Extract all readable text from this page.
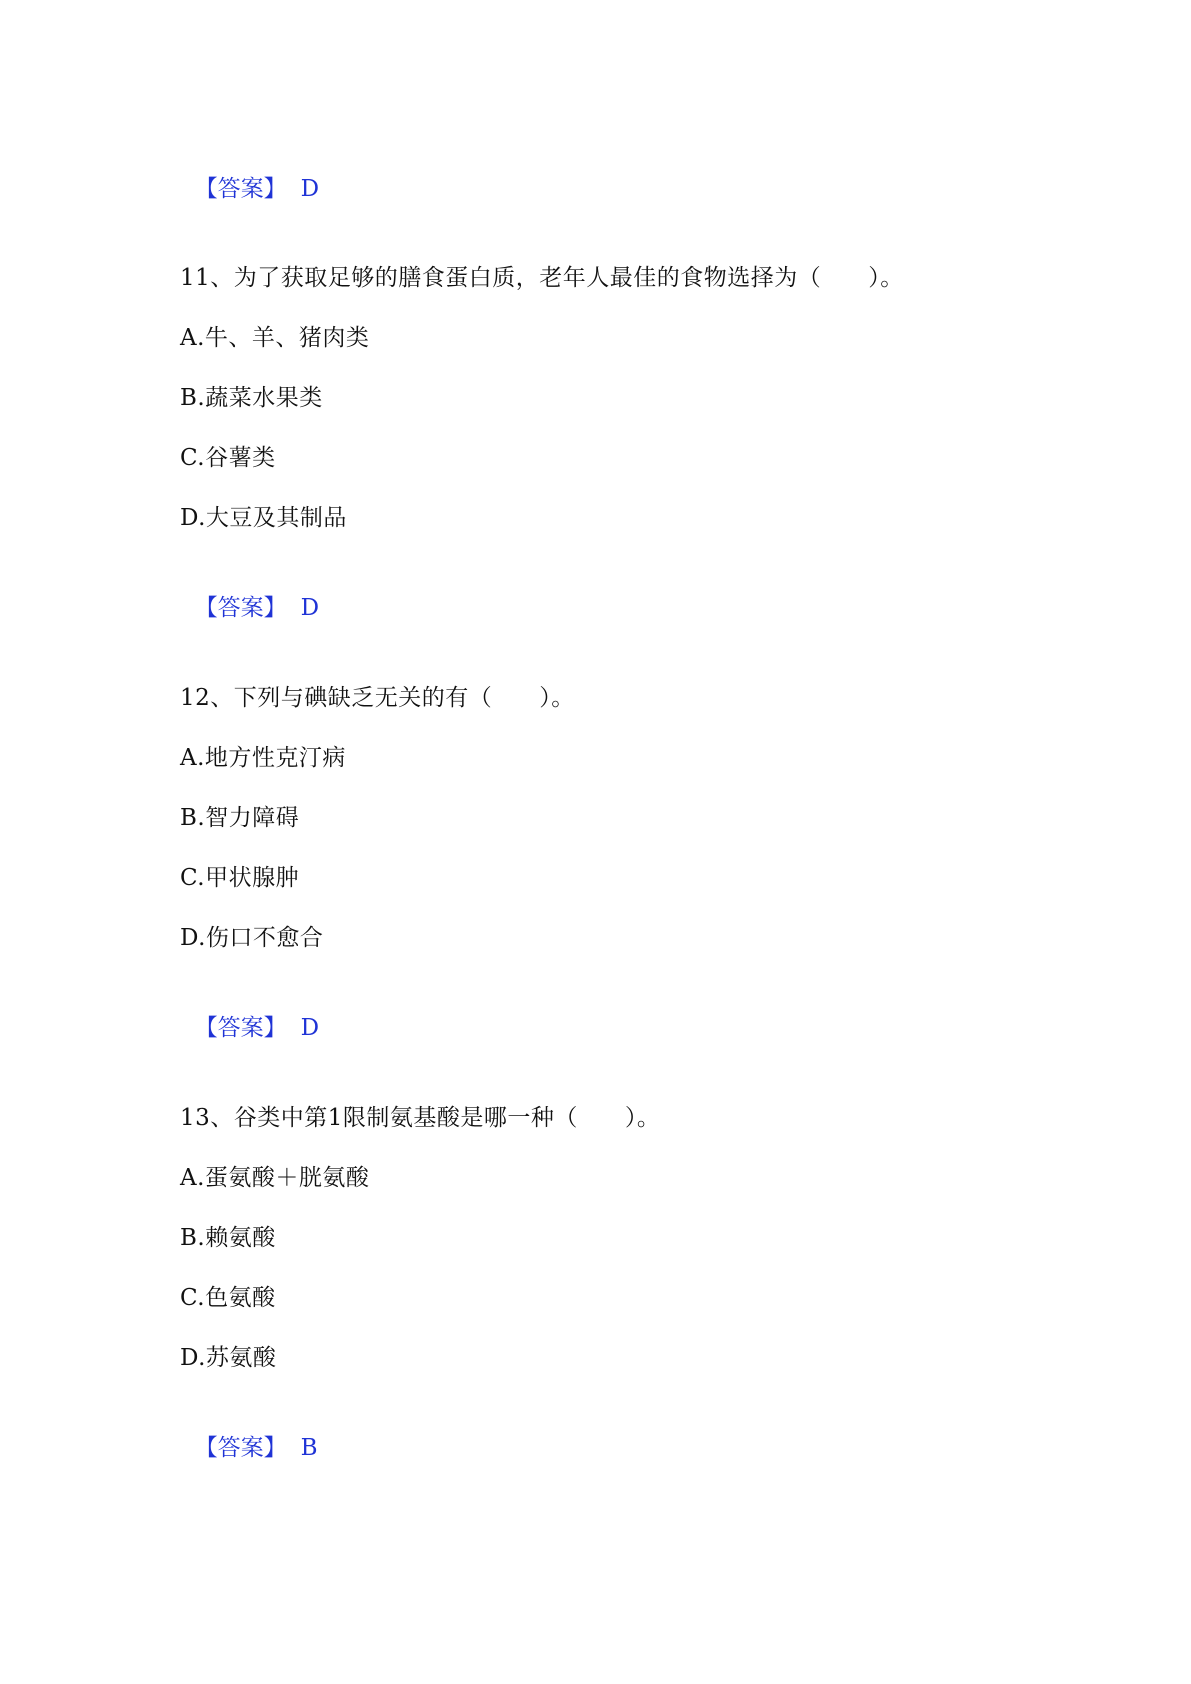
【答案】 D

11、为了获取足够的膳食蛋白质，老年人最佳的食物选择为（　　）。
A.牛、羊、猪肉类
B.蔬菜水果类
C.谷薯类
D.大豆及其制品

【答案】 D

12、下列与碘缺乏无关的有（　　）。
A.地方性克汀病
B.智力障碍
C.甲状腺肿
D.伤口不愈合

【答案】 D

13、谷类中第1限制氨基酸是哪一种（　　）。
A.蛋氨酸＋胱氨酸
B.赖氨酸
C.色氨酸
D.苏氨酸

【答案】 B
